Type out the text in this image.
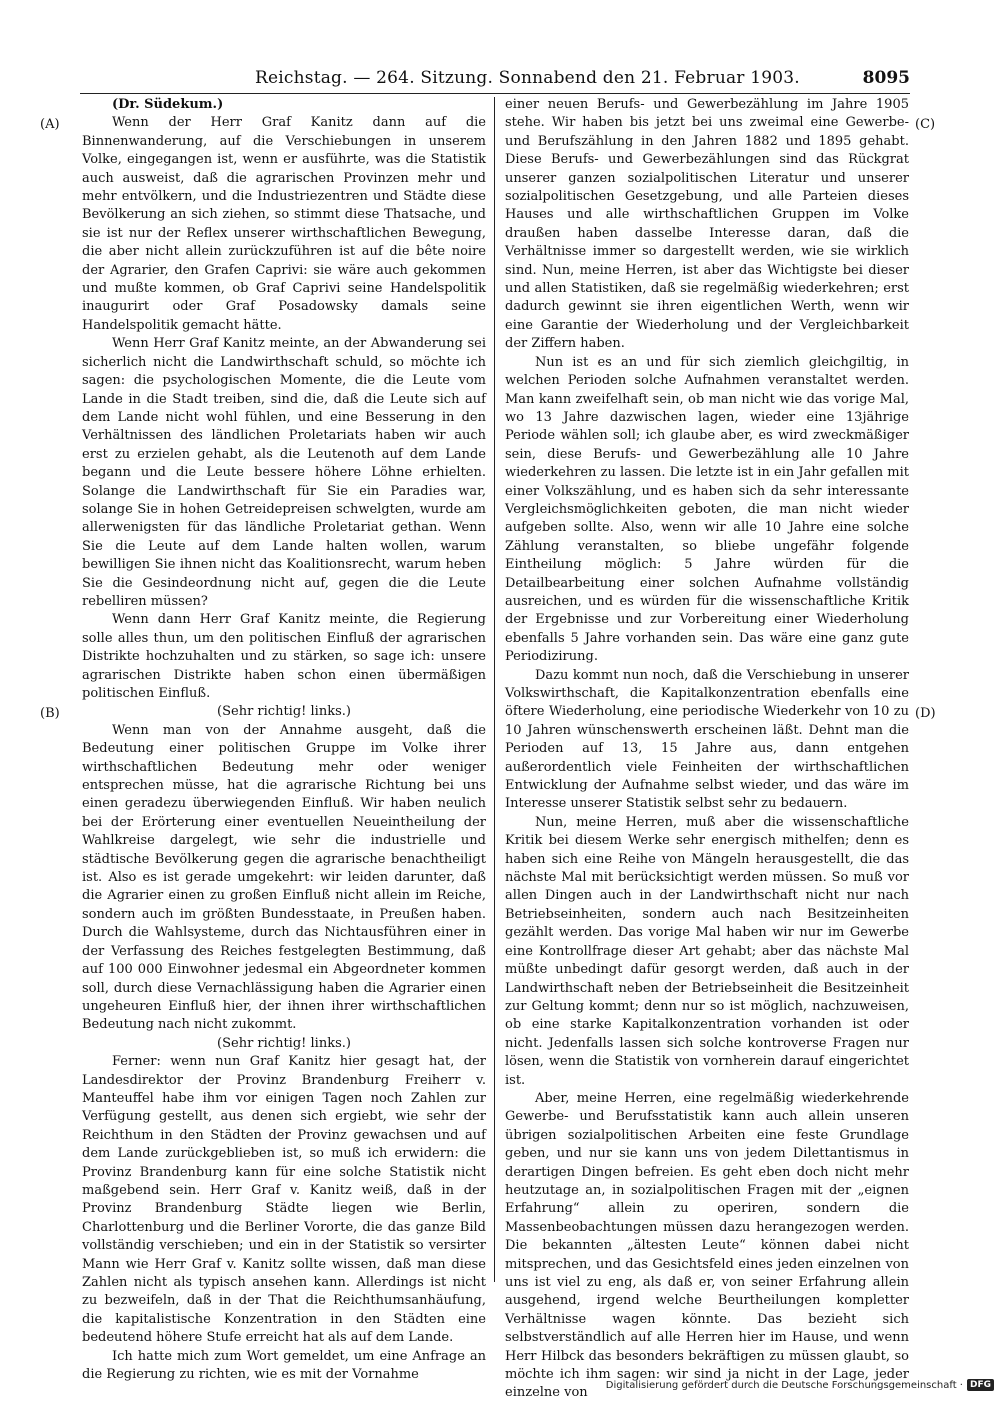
Reichstag. — 264. Sitzung. Sonnabend den 21. Februar 1903.	8095
(A)
(B)
(C)
(D)

(Dr. Südekum.)

Wenn der Herr Graf Kanitz dann auf die Binnenwanderung, auf die Verschiebungen in unserem Volke, eingegangen ist, wenn er ausführte, was die Statistik auch ausweist, daß die agrarischen Provinzen mehr und mehr entvölkern, und die Industriezentren und Städte diese Bevölkerung an sich ziehen, so stimmt diese Thatsache, und sie ist nur der Reflex unserer wirthschaftlichen Bewegung, die aber nicht allein zurückzuführen ist auf die bête noire der Agrarier, den Grafen Caprivi: sie wäre auch gekommen und mußte kommen, ob Graf Caprivi seine Handelspolitik inaugurirt oder Graf Posadowsky damals seine Handelspolitik gemacht hätte.

Wenn Herr Graf Kanitz meinte, an der Abwanderung sei sicherlich nicht die Landwirthschaft schuld, so möchte ich sagen: die psychologischen Momente, die die Leute vom Lande in die Stadt treiben, sind die, daß die Leute sich auf dem Lande nicht wohl fühlen, und eine Besserung in den Verhältnissen des ländlichen Proletariats haben wir auch erst zu erzielen gehabt, als die Leutenoth auf dem Lande begann und die Leute bessere höhere Löhne erhielten. Solange die Landwirthschaft für Sie ein Paradies war, solange Sie in hohen Getreidepreisen schwelgten, wurde am allerwenigsten für das ländliche Proletariat gethan. Wenn Sie die Leute auf dem Lande halten wollen, warum bewilligen Sie ihnen nicht das Koalitionsrecht, warum heben Sie die Gesindeordnung nicht auf, gegen die die Leute rebelliren müssen?

Wenn dann Herr Graf Kanitz meinte, die Regierung solle alles thun, um den politischen Einfluß der agrarischen Distrikte hochzuhalten und zu stärken, so sage ich: unsere agrarischen Distrikte haben schon einen übermäßigen politischen Einfluß.

(Sehr richtig! links.)

Wenn man von der Annahme ausgeht, daß die Bedeutung einer politischen Gruppe im Volke ihrer wirthschaftlichen Bedeutung mehr oder weniger entsprechen müsse, hat die agrarische Richtung bei uns einen geradezu überwiegenden Einfluß. Wir haben neulich bei der Erörterung einer eventuellen Neueintheilung der Wahlkreise dargelegt, wie sehr die industrielle und städtische Bevölkerung gegen die agrarische benachtheiligt ist. Also es ist gerade umgekehrt: wir leiden darunter, daß die Agrarier einen zu großen Einfluß nicht allein im Reiche, sondern auch im größten Bundesstaate, in Preußen haben. Durch die Wahlsysteme, durch das Nichtausführen einer in der Verfassung des Reiches festgelegten Bestimmung, daß auf 100 000 Einwohner jedesmal ein Abgeordneter kommen soll, durch diese Vernachlässigung haben die Agrarier einen ungeheuren Einfluß hier, der ihnen ihrer wirthschaftlichen Bedeutung nach nicht zukommt.

(Sehr richtig! links.)

Ferner: wenn nun Graf Kanitz hier gesagt hat, der Landesdirektor der Provinz Brandenburg Freiherr v. Manteuffel habe ihm vor einigen Tagen noch Zahlen zur Verfügung gestellt, aus denen sich ergiebt, wie sehr der Reichthum in den Städten der Provinz gewachsen und auf dem Lande zurückgeblieben ist, so muß ich erwidern: die Provinz Brandenburg kann für eine solche Statistik nicht maßgebend sein. Herr Graf v. Kanitz weiß, daß in der Provinz Brandenburg Städte liegen wie Berlin, Charlottenburg und die Berliner Vororte, die das ganze Bild vollständig verschieben; und ein in der Statistik so versirter Mann wie Herr Graf v. Kanitz sollte wissen, daß man diese Zahlen nicht als typisch ansehen kann. Allerdings ist nicht zu bezweifeln, daß in der That die Reichthumsanhäufung, die kapitalistische Konzentration in den Städten eine bedeutend höhere Stufe erreicht hat als auf dem Lande.

Ich hatte mich zum Wort gemeldet, um eine Anfrage an die Regierung zu richten, wie es mit der Vornahme

einer neuen Berufs- und Gewerbezählung im Jahre 1905 stehe. Wir haben bis jetzt bei uns zweimal eine Gewerbe- und Berufszählung in den Jahren 1882 und 1895 gehabt. Diese Berufs- und Gewerbezählungen sind das Rückgrat unserer ganzen sozialpolitischen Literatur und unserer sozialpolitischen Gesetzgebung, und alle Parteien dieses Hauses und alle wirthschaftlichen Gruppen im Volke draußen haben dasselbe Interesse daran, daß die Verhältnisse immer so dargestellt werden, wie sie wirklich sind. Nun, meine Herren, ist aber das Wichtigste bei dieser und allen Statistiken, daß sie regelmäßig wiederkehren; erst dadurch gewinnt sie ihren eigentlichen Werth, wenn wir eine Garantie der Wiederholung und der Vergleichbarkeit der Ziffern haben.

Nun ist es an und für sich ziemlich gleichgiltig, in welchen Perioden solche Aufnahmen veranstaltet werden. Man kann zweifelhaft sein, ob man nicht wie das vorige Mal, wo 13 Jahre dazwischen lagen, wieder eine 13jährige Periode wählen soll; ich glaube aber, es wird zweckmäßiger sein, diese Berufs- und Gewerbezählung alle 10 Jahre wiederkehren zu lassen. Die letzte ist in ein Jahr gefallen mit einer Volkszählung, und es haben sich da sehr interessante Vergleichsmöglichkeiten geboten, die man nicht wieder aufgeben sollte. Also, wenn wir alle 10 Jahre eine solche Zählung veranstalten, so bliebe ungefähr folgende Eintheilung möglich: 5 Jahre würden für die Detailbearbeitung einer solchen Aufnahme vollständig ausreichen, und es würden für die wissenschaftliche Kritik der Ergebnisse und zur Vorbereitung einer Wiederholung ebenfalls 5 Jahre vorhanden sein. Das wäre eine ganz gute Periodizirung.

Dazu kommt nun noch, daß die Verschiebung in unserer Volkswirthschaft, die Kapitalkonzentration ebenfalls eine öftere Wiederholung, eine periodische Wiederkehr von 10 zu 10 Jahren wünschenswerth erscheinen läßt. Dehnt man die Perioden auf 13, 15 Jahre aus, dann entgehen außerordentlich viele Feinheiten der wirthschaftlichen Entwicklung der Aufnahme selbst wieder, und das wäre im Interesse unserer Statistik selbst sehr zu bedauern.

Nun, meine Herren, muß aber die wissenschaftliche Kritik bei diesem Werke sehr energisch mithelfen; denn es haben sich eine Reihe von Mängeln herausgestellt, die das nächste Mal mit berücksichtigt werden müssen. So muß vor allen Dingen auch in der Landwirthschaft nicht nur nach Betriebseinheiten, sondern auch nach Besitzeinheiten gezählt werden. Das vorige Mal haben wir nur im Gewerbe eine Kontrollfrage dieser Art gehabt; aber das nächste Mal müßte unbedingt dafür gesorgt werden, daß auch in der Landwirthschaft neben der Betriebseinheit die Besitzeinheit zur Geltung kommt; denn nur so ist möglich, nachzuweisen, ob eine starke Kapitalkonzentration vorhanden ist oder nicht. Jedenfalls lassen sich solche kontroverse Fragen nur lösen, wenn die Statistik von vornherein darauf eingerichtet ist.

Aber, meine Herren, eine regelmäßig wiederkehrende Gewerbe- und Berufsstatistik kann auch allein unseren übrigen sozialpolitischen Arbeiten eine feste Grundlage geben, und nur sie kann uns von jedem Dilettantismus in derartigen Dingen befreien. Es geht eben doch nicht mehr heutzutage an, in sozialpolitischen Fragen mit der „eignen Erfahrung“ allein zu operiren, sondern die Massenbeobachtungen müssen dazu herangezogen werden. Die bekannten „ältesten Leute“ können dabei nicht mitsprechen, und das Gesichtsfeld eines jeden einzelnen von uns ist viel zu eng, als daß er, von seiner Erfahrung allein ausgehend, irgend welche Beurtheilungen kompletter Verhältnisse wagen könnte. Das bezieht sich selbstverständlich auf alle Herren hier im Hause, und wenn Herr Hilbck das besonders bekräftigen zu müssen glaubt, so möchte ich ihm sagen: wir sind ja nicht in der Lage, jeder einzelne von

Digitalisierung gefördert durch die Deutsche Forschungsgemeinschaft · DFG
